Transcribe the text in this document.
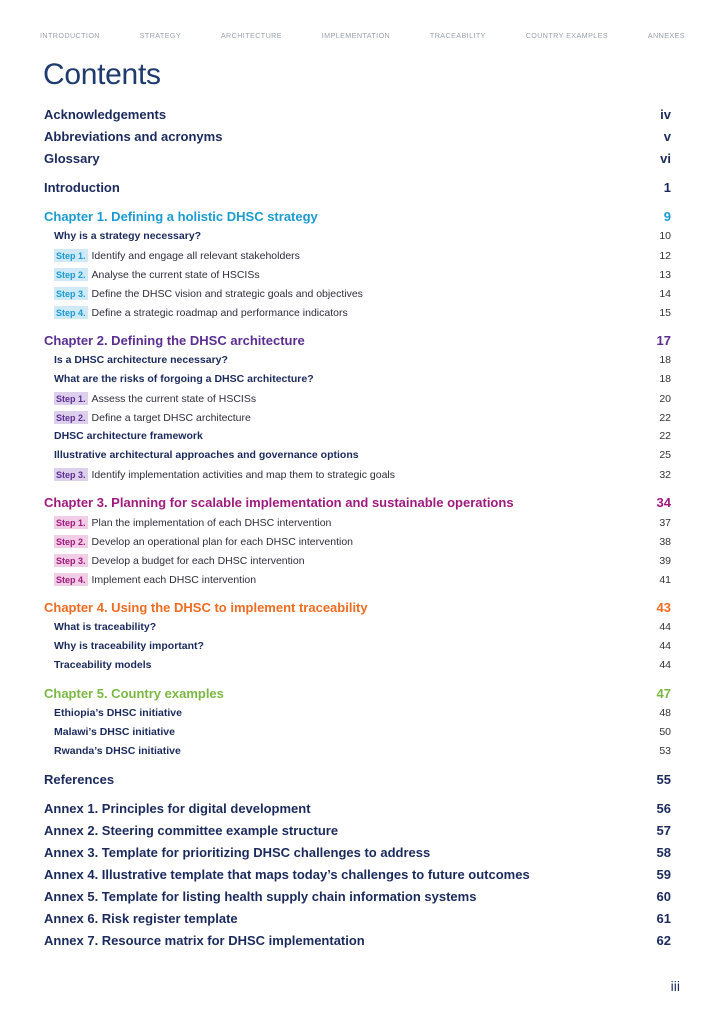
INTRODUCTION	STRATEGY	ARCHITECTURE	IMPLEMENTATION	TRACEABILITY	COUNTRY EXAMPLES	ANNEXES
Contents
Acknowledgements	iv
Abbreviations and acronyms	v
Glossary	vi
Introduction	1
Chapter 1. Defining a holistic DHSC strategy	9
Why is a strategy necessary?	10
Step 1. Identify and engage all relevant stakeholders	12
Step 2. Analyse the current state of HSCISs	13
Step 3. Define the DHSC vision and strategic goals and objectives	14
Step 4. Define a strategic roadmap and performance indicators	15
Chapter 2. Defining the DHSC architecture	17
Is a DHSC architecture necessary?	18
What are the risks of forgoing a DHSC architecture?	18
Step 1. Assess the current state of HSCISs	20
Step 2. Define a target DHSC architecture	22
DHSC architecture framework	22
Illustrative architectural approaches and governance options	25
Step 3. Identify implementation activities and map them to strategic goals	32
Chapter 3. Planning for scalable implementation and sustainable operations	34
Step 1. Plan the implementation of each DHSC intervention	37
Step 2. Develop an operational plan for each DHSC intervention	38
Step 3. Develop a budget for each DHSC intervention	39
Step 4. Implement each DHSC intervention	41
Chapter 4. Using the DHSC to implement traceability	43
What is traceability?	44
Why is traceability important?	44
Traceability models	44
Chapter 5. Country examples	47
Ethiopia’s DHSC initiative	48
Malawi’s DHSC initiative	50
Rwanda’s DHSC initiative	53
References	55
Annex 1. Principles for digital development	56
Annex 2. Steering committee example structure	57
Annex 3. Template for prioritizing DHSC challenges to address	58
Annex 4. Illustrative template that maps today’s challenges to future outcomes	59
Annex 5. Template for listing health supply chain information systems	60
Annex 6. Risk register template	61
Annex 7. Resource matrix for DHSC implementation	62
iii
